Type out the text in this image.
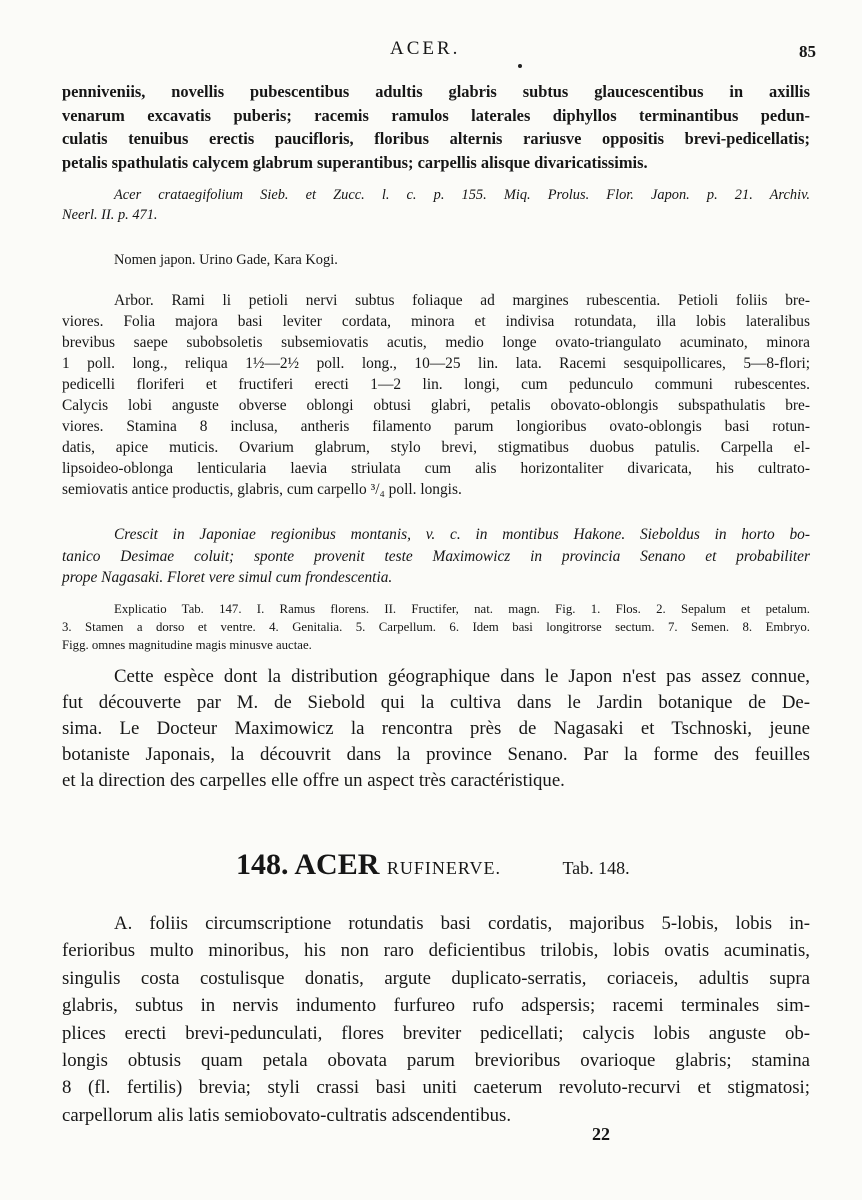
ACER.	85
penniveniis, novellis pubescentibus adultis glabris subtus glaucescentibus in axillis
venarum excavatis puberis; racemis ramulos laterales diphyllos terminantibus pedun-
culatis tenuibus erectis paucifloris, floribus alternis rariusve oppositis brevi-pedicellatis;
petalis spathulatis calycem glabrum superantibus; carpellis alisque divaricatissimis.
Acer crataegifolium Sieb. et Zucc. l. c. p. 155. Miq. Prolus. Flor. Japon. p. 21. Archiv.
Neerl. II. p. 471.
Nomen japon. Urino Gade, Kara Kogi.
Arbor. Rami li petioli nervi subtus foliaque ad margines rubescentia. Petioli foliis bre-
viores. Folia majora basi leviter cordata, minora et indivisa rotundata, illa lobis lateralibus
brevibus saepe subobsoletis subsemiovatis acutis, medio longe ovato-triangulato acuminato, minora
1 poll. long., reliqua 1½—2½ poll. long., 10—25 lin. lata. Racemi sesquipollicares, 5—8-flori;
pedicelli floriferi et fructiferi erecti 1—2 lin. longi, cum pedunculo communi rubescentes.
Calycis lobi anguste obverse oblongi obtusi glabri, petalis obovato-oblongis subspathulatis bre-
viores. Stamina 8 inclusa, antheris filamento parum longioribus ovato-oblongis basi rotun-
datis, apice muticis. Ovarium glabrum, stylo brevi, stigmatibus duobus patulis. Carpella el-
lipsoideo-oblonga lenticularia laevia striulata cum alis horizontaliter divaricata, his cultrato-
semiovatis antice productis, glabris, cum carpello ³/₄ poll. longis.
Crescit in Japoniae regionibus montanis, v. c. in montibus Hakone. Sieboldus in horto bo-
tanico Desimae coluit; sponte provenit teste Maximowicz in provincia Senano et probabiliter
prope Nagasaki. Floret vere simul cum frondescentia.
Explicatio Tab. 147. I. Ramus florens. II. Fructifer, nat. magn. Fig. 1. Flos. 2. Sepalum et petalum.
3. Stamen a dorso et ventre. 4. Genitalia. 5. Carpellum. 6. Idem basi longitrorse sectum. 7. Semen. 8. Embryo.
Figg. omnes magnitudine magis minusve auctae.
Cette espèce dont la distribution géographique dans le Japon n'est pas assez connue,
fut découverte par M. de Siebold qui la cultiva dans le Jardin botanique de De-
sima. Le Docteur Maximowicz la rencontra près de Nagasaki et Tschnoski, jeune
botaniste Japonais, la découvrit dans la province Senano. Par la forme des feuilles
et la direction des carpelles elle offre un aspect très caractéristique.
148. ACER RUFINERVE.	Tab. 148.
A. foliis circumscriptione rotundatis basi cordatis, majoribus 5-lobis, lobis in-
ferioribus multo minoribus, his non raro deficientibus trilobis, lobis ovatis acuminatis,
singulis costa costulisque donatis, argute duplicato-serratis, coriaceis, adultis supra
glabris, subtus in nervis indumento furfureo rufo adspersis; racemi terminales sim-
plices erecti brevi-pedunculati, flores breviter pedicellati; calycis lobis anguste ob-
longis obtusis quam petala obovata parum brevioribus ovarioque glabris; stamina
8 (fl. fertilis) brevia; styli crassi basi uniti caeterum revoluto-recurvi et stigmatosi;
carpellorum alis latis semiobovato-cultratis adscendentibus.
22
